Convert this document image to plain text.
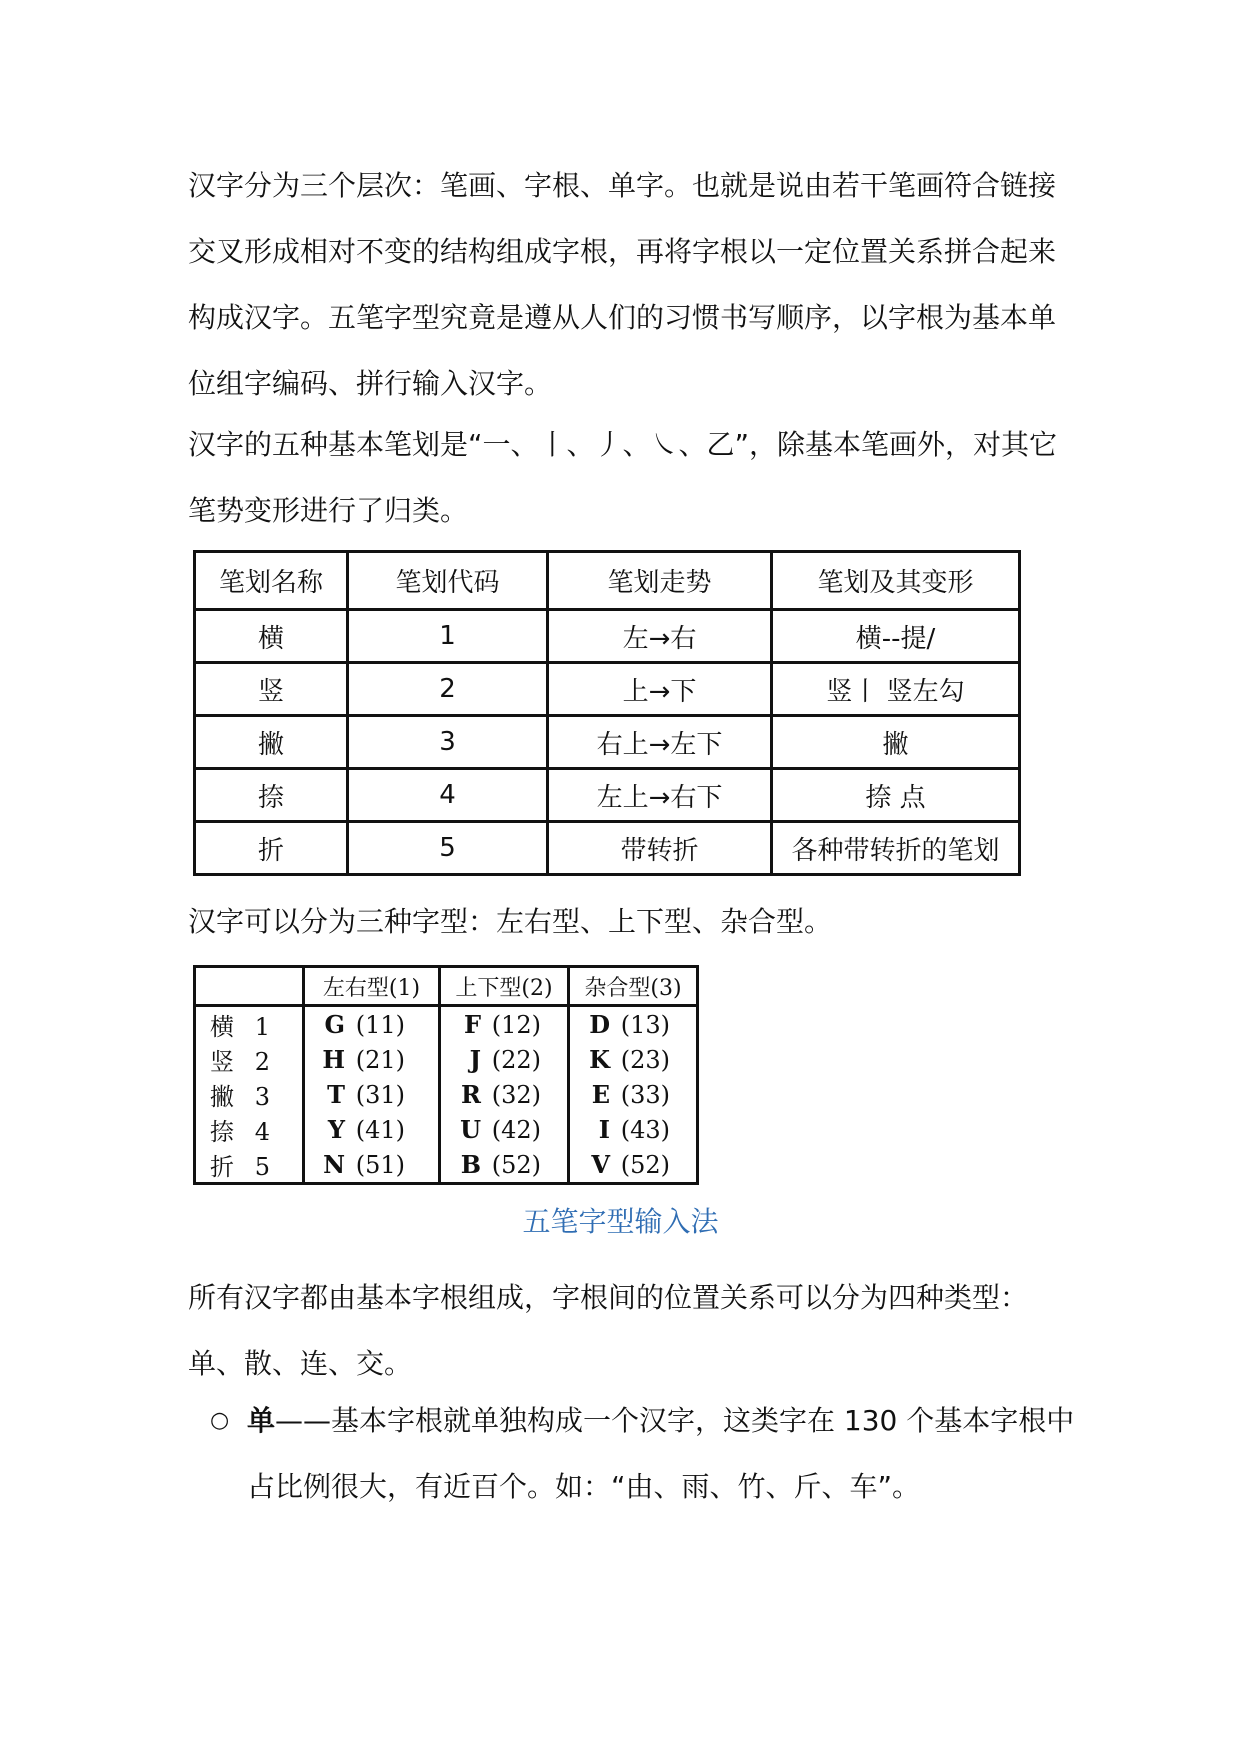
汉字分为三个层次：笔画、字根、单字。也就是说由若干笔画符合链接交叉形成相对不变的结构组成字根，再将字根以一定位置关系拼合起来构成汉字。五笔字型究竟是遵从人们的习惯书写顺序，以字根为基本单位组字编码、拼行输入汉字。

汉字的五种基本笔划是“一、丨、丿、㇏、乙”，除基本笔画外，对其它笔势变形进行了归类。

笔划名称	笔划代码	笔划走势	笔划及其变形
横	1	左→右	横--提/
竖	2	上→下	竖丨 竖左勾
撇	3	右上→左下	撇
捺	4	左上→右下	捺 点
折	5	带转折	各种带转折的笔划

汉字可以分为三种字型：左右型、上下型、杂合型。

	左右型(1)	上下型(2)	杂合型(3)
横 1	G (11)	F (12)	D (13)
竖 2	H (21)	J (22)	K (23)
撇 3	T (31)	R (32)	E (33)
捺 4	Y (41)	U (42)	I (43)
折 5	N (51)	B (52)	V (52)

五笔字型输入法

所有汉字都由基本字根组成，字根间的位置关系可以分为四种类型：单、散、连、交。

○ 单——基本字根就单独构成一个汉字，这类字在 130 个基本字根中占比例很大，有近百个。如：“由、雨、竹、斤、车”。
